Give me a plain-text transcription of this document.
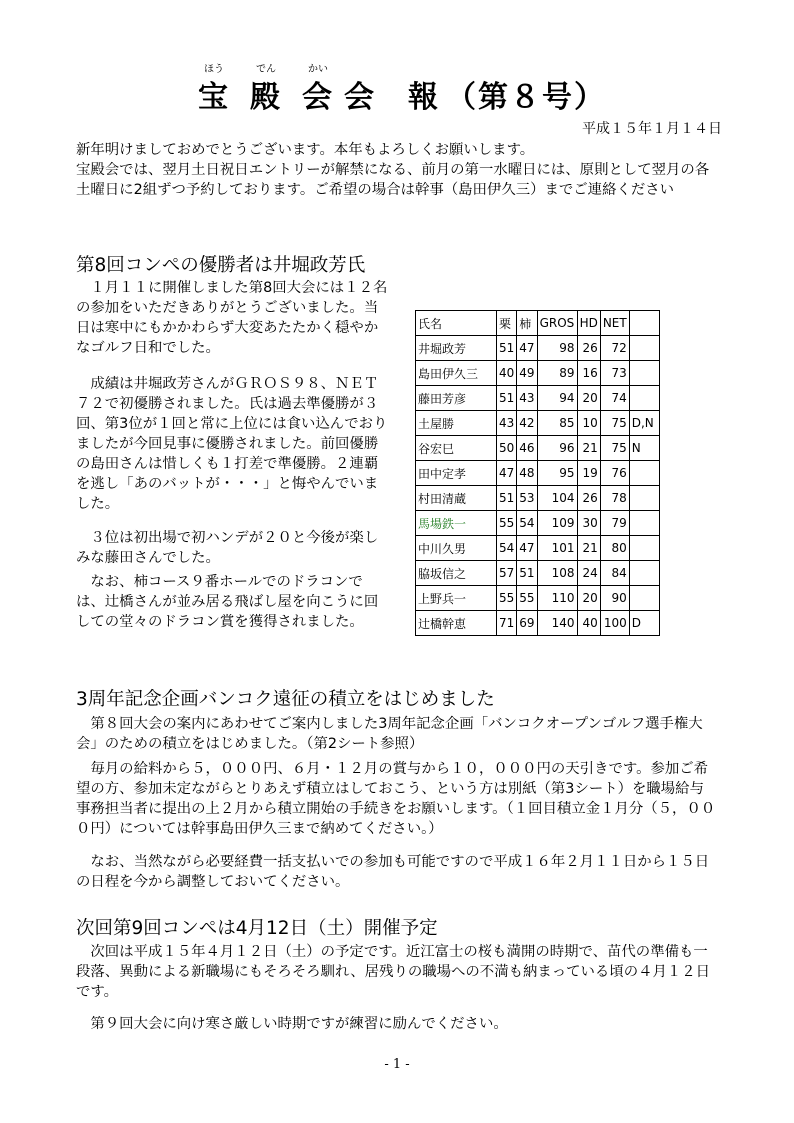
ほう
宝
でん
殿
かい
会 会　報 （第８号）
平成１５年１月１４日

新年明けましておめでとうございます。本年もよろしくお願いします。

宝殿会では、翌月土日祝日エントリーが解禁になる、前月の第一水曜日には、原則として翌月の各土曜日に2組ずつ予約しております。ご希望の場合は幹事（島田伊久三）までご連絡ください

第8回コンペの優勝者は井堀政芳氏

１月１１に開催しました第8回大会には１２名の参加をいただきありがとうございました。当日は寒中にもかかわらず大変あたたかく穏やかなゴルフ日和でした。

成績は井堀政芳さんがＧＲＯＳ９８、ＮＥＴ７２で初優勝されました。氏は過去準優勝が３回、第3位が１回と常に上位には食い込んでおりましたが今回見事に優勝されました。前回優勝の島田さんは惜しくも１打差で準優勝。２連覇を逃し「あのバットが・・・」と悔やんでいました。

３位は初出場で初ハンデが２０と今後が楽しみな藤田さんでした。

なお、柿コース９番ホールでのドラコンでは、辻橋さんが並み居る飛ばし屋を向こうに回しての堂々のドラコン賞を獲得されました。

氏名	栗	柿	GROS	HD	NET	
井堀政芳	51	47	98	26	72	
島田伊久三	40	49	89	16	73	
藤田芳彦	51	43	94	20	74	
土屋勝	43	42	85	10	75	D,N
谷宏巳	50	46	96	21	75	N
田中定孝	47	48	95	19	76	
村田清蔵	51	53	104	26	78	
馬場鉄一	55	54	109	30	79	
中川久男	54	47	101	21	80	
脇坂信之	57	51	108	24	84	
上野兵一	55	55	110	20	90	
辻橋幹恵	71	69	140	40	100	D
3周年記念企画バンコク遠征の積立をはじめました

第８回大会の案内にあわせてご案内しました3周年記念企画「バンコクオープンゴルフ選手権大会」のための積立をはじめました。（第2シート参照）

毎月の給料から５，０００円、６月・１２月の賞与から１０，０００円の天引きです。参加ご希望の方、参加未定ながらとりあえず積立はしておこう、という方は別紙（第3シート）を職場給与事務担当者に提出の上２月から積立開始の手続きをお願いします。（１回目積立金１月分（５，０００円）については幹事島田伊久三まで納めてください。）

なお、当然ながら必要経費一括支払いでの参加も可能ですので平成１６年２月１１日から１５日の日程を今から調整しておいてください。

次回第9回コンペは4月12日（土）開催予定

次回は平成１５年４月１２日（土）の予定です。近江富士の桜も満開の時期で、苗代の準備も一段落、異動による新職場にもそろそろ馴れ、居残りの職場への不満も納まっている頃の４月１２日です。

第９回大会に向け寒さ厳しい時期ですが練習に励んでください。

- 1 -
